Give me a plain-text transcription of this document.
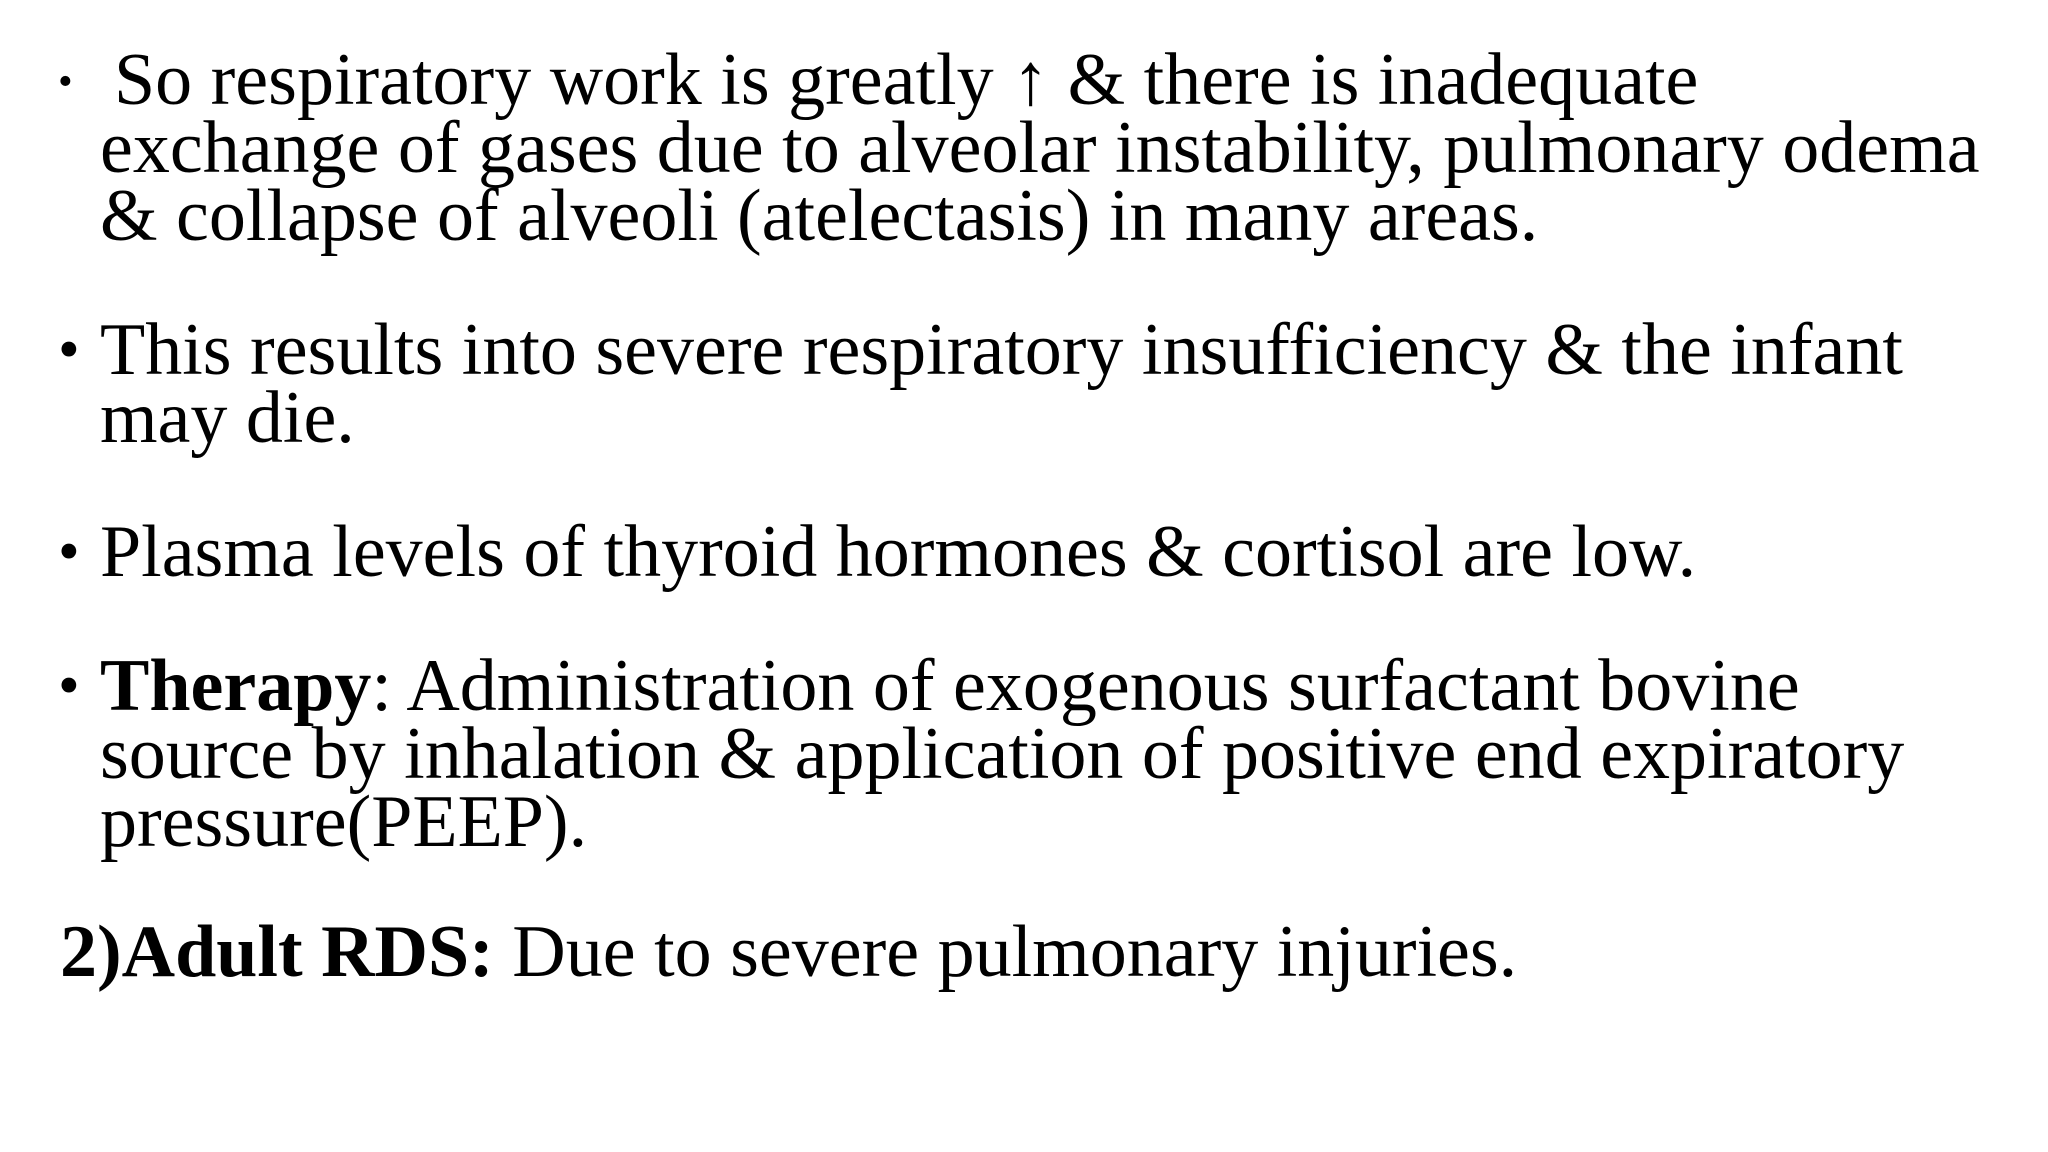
• So respiratory work is greatly ↑ & there is inadequate exchange of gases due to alveolar instability, pulmonary odema & collapse of alveoli (atelectasis) in many areas.
• This results into severe respiratory insufficiency & the infant may die.
• Plasma levels of thyroid hormones & cortisol are low.
• Therapy: Administration of exogenous surfactant bovine source by inhalation & application of positive end expiratory pressure(PEEP).
2)Adult RDS: Due to severe pulmonary injuries.
